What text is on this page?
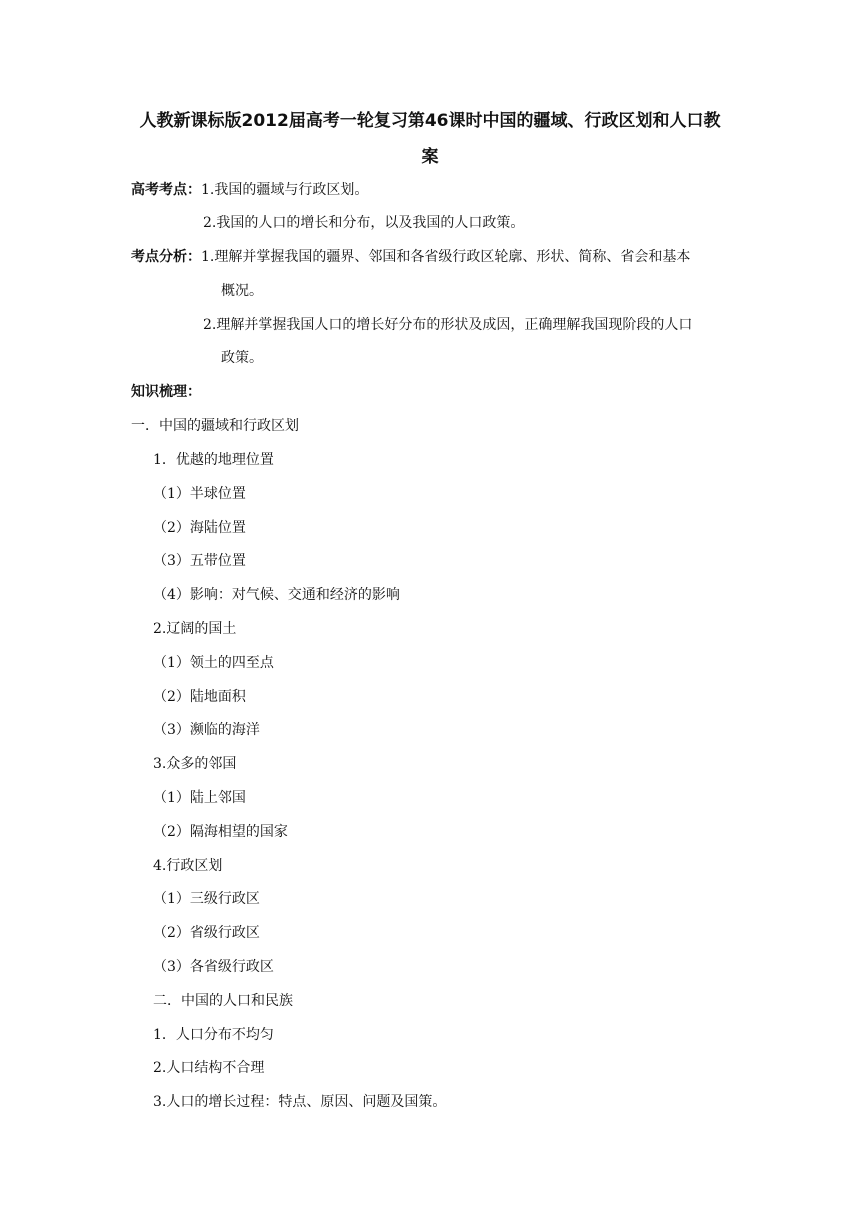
人教新课标版2012届高考一轮复习第46课时中国的疆域、行政区划和人口教
案
高考考点：1.我国的疆域与行政区划。
2.我国的人口的增长和分布，以及我国的人口政策。
考点分析：1.理解并掌握我国的疆界、邻国和各省级行政区轮廓、形状、简称、省会和基本
概况。
2.理解并掌握我国人口的增长好分布的形状及成因，正确理解我国现阶段的人口
政策。
知识梳理：
一．中国的疆域和行政区划
1．优越的地理位置
（1）半球位置
（2）海陆位置
（3）五带位置
（4）影响：对气候、交通和经济的影响
2.辽阔的国土
（1）领土的四至点
（2）陆地面积
（3）濒临的海洋
3.众多的邻国
（1）陆上邻国
（2）隔海相望的国家
4.行政区划
（1）三级行政区
（2）省级行政区
（3）各省级行政区
二．中国的人口和民族
1．人口分布不均匀
2.人口结构不合理
3.人口的增长过程：特点、原因、问题及国策。
